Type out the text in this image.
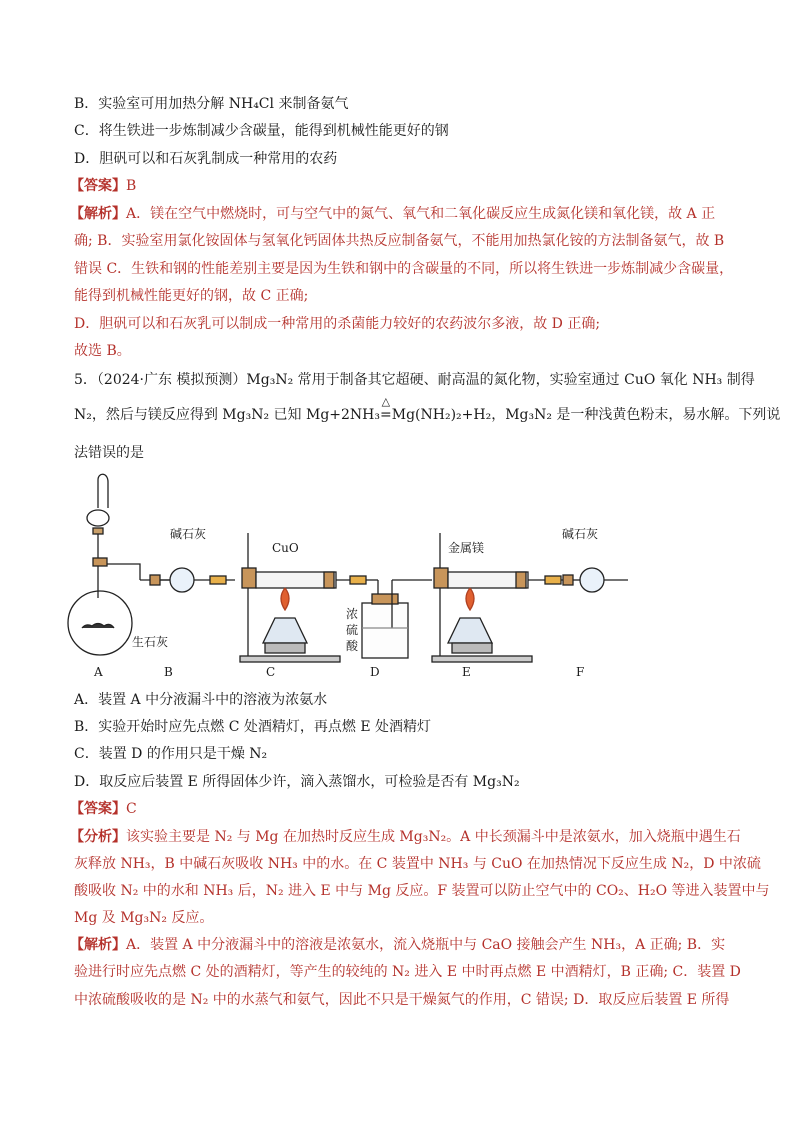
B．实验室可用加热分解 NH₄Cl 来制备氨气
C．将生铁进一步炼制减少含碳量，能得到机械性能更好的钢
D．胆矾可以和石灰乳制成一种常用的农药
【答案】B
【解析】A．镁在空气中燃烧时，可与空气中的氮气、氧气和二氧化碳反应生成氮化镁和氧化镁，故 A 正
确; B．实验室用氯化铵固体与氢氧化钙固体共热反应制备氨气，不能用加热氯化铵的方法制备氨气，故 B
错误 C．生铁和钢的性能差别主要是因为生铁和钢中的含碳量的不同，所以将生铁进一步炼制减少含碳量，
能得到机械性能更好的钢，故 C 正确;
D．胆矾可以和石灰乳可以制成一种常用的杀菌能力较好的农药波尔多液，故 D 正确;
故选 B。
5．（2024·广东 模拟预测）Mg₃N₂ 常用于制备其它超硬、耐高温的氮化物，实验室通过 CuO 氧化 NH₃ 制得
N₂，然后与镁反应得到 Mg₃N₂ 已知 Mg+2NH₃
△
=Mg(NH₂)₂+H₂，Mg₃N₂ 是一种浅黄色粉末，易水解。下列说
法错误的是
碱石灰
CuO	金属镁
碱石灰
生石灰
浓
硫
酸
A	B	C	D	E	F
A．装置 A 中分液漏斗中的溶液为浓氨水
B．实验开始时应先点燃 C 处酒精灯，再点燃 E 处酒精灯
C．装置 D 的作用只是干燥 N₂
D．取反应后装置 E 所得固体少许，滴入蒸馏水，可检验是否有 Mg₃N₂
【答案】C
【分析】该实验主要是 N₂ 与 Mg 在加热时反应生成 Mg₃N₂。A 中长颈漏斗中是浓氨水，加入烧瓶中遇生石
灰释放 NH₃，B 中碱石灰吸收 NH₃ 中的水。在 C 装置中 NH₃ 与 CuO 在加热情况下反应生成 N₂，D 中浓硫
酸吸收 N₂ 中的水和 NH₃ 后，N₂ 进入 E 中与 Mg 反应。F 装置可以防止空气中的 CO₂、H₂O 等进入装置中与
Mg 及 Mg₃N₂ 反应。
【解析】A．装置 A 中分液漏斗中的溶液是浓氨水，流入烧瓶中与 CaO 接触会产生 NH₃，A 正确; B．实
验进行时应先点燃 C 处的酒精灯，等产生的较纯的 N₂ 进入 E 中时再点燃 E 中酒精灯，B 正确; C．装置 D
中浓硫酸吸收的是 N₂ 中的水蒸气和氨气，因此不只是干燥氮气的作用，C 错误; D．取反应后装置 E 所得
